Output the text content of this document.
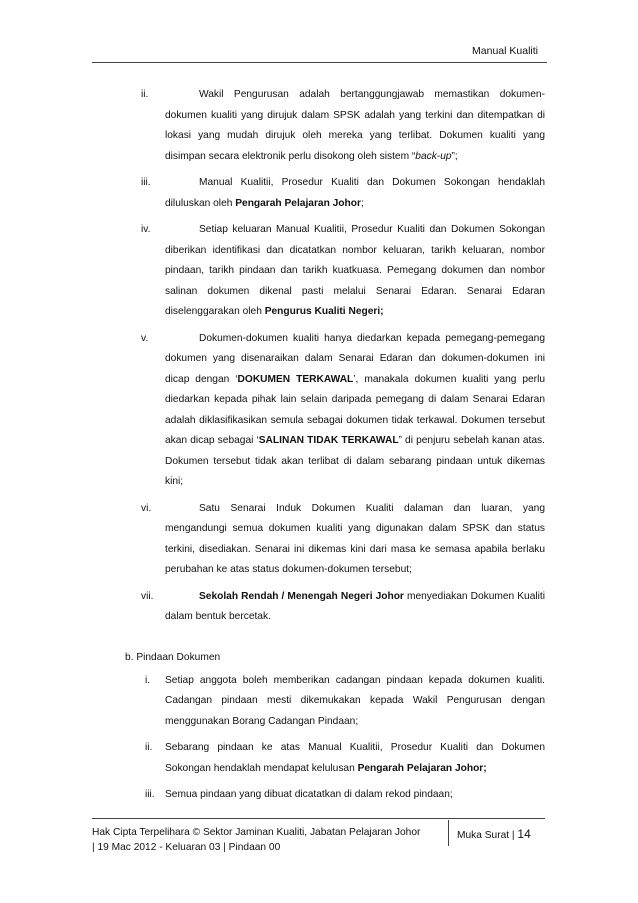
Manual Kualiti
ii.	Wakil Pengurusan adalah bertanggungjawab memastikan dokumen-dokumen kualiti yang dirujuk dalam SPSK adalah yang terkini dan ditempatkan di lokasi yang mudah dirujuk oleh mereka yang terlibat. Dokumen kualiti yang disimpan secara elektronik perlu disokong oleh sistem “back-up”;
iii.	Manual Kualitii, Prosedur Kualiti dan Dokumen Sokongan hendaklah diluluskan oleh Pengarah Pelajaran Johor;
iv.	Setiap keluaran Manual Kualitii, Prosedur Kualiti dan Dokumen Sokongan diberikan identifikasi dan dicatatkan nombor keluaran, tarikh keluaran, nombor pindaan, tarikh pindaan dan tarikh kuatkuasa. Pemegang dokumen dan nombor salinan dokumen dikenal pasti melalui Senarai Edaran. Senarai Edaran diselenggarakan oleh Pengurus Kualiti Negeri;
v.	Dokumen-dokumen kualiti hanya diedarkan kepada pemegang-pemegang dokumen yang disenaraikan dalam Senarai Edaran dan dokumen-dokumen ini dicap dengan ‘DOKUMEN TERKAWAL’, manakala dokumen kualiti yang perlu diedarkan kepada pihak lain selain daripada pemegang di dalam Senarai Edaran adalah diklasifikasikan semula sebagai dokumen tidak terkawal. Dokumen tersebut akan dicap sebagai ‘SALINAN TIDAK TERKAWAL” di penjuru sebelah kanan atas. Dokumen tersebut tidak akan terlibat di dalam sebarang pindaan untuk dikemas kini;
vi.	Satu Senarai Induk Dokumen Kualiti dalaman dan luaran, yang mengandungi semua dokumen kualiti yang digunakan dalam SPSK dan status terkini, disediakan. Senarai ini dikemas kini dari masa ke semasa apabila berlaku perubahan ke atas status dokumen-dokumen tersebut;
vii.	Sekolah Rendah / Menengah Negeri Johor menyediakan Dokumen Kualiti dalam bentuk bercetak.
b. Pindaan Dokumen
i. Setiap anggota boleh memberikan cadangan pindaan kepada dokumen kualiti. Cadangan pindaan mesti dikemukakan kepada Wakil Pengurusan dengan menggunakan Borang Cadangan Pindaan;
ii. Sebarang pindaan ke atas Manual Kualitii, Prosedur Kualiti dan Dokumen Sokongan hendaklah mendapat kelulusan Pengarah Pelajaran Johor;
iii. Semua pindaan yang dibuat dicatatkan di dalam rekod pindaan;
Hak Cipta Terpelihara © Sektor Jaminan Kualiti, Jabatan Pelajaran Johor
| 19 Mac 2012 - Keluaran 03 | Pindaan 00
Muka Surat | 14
